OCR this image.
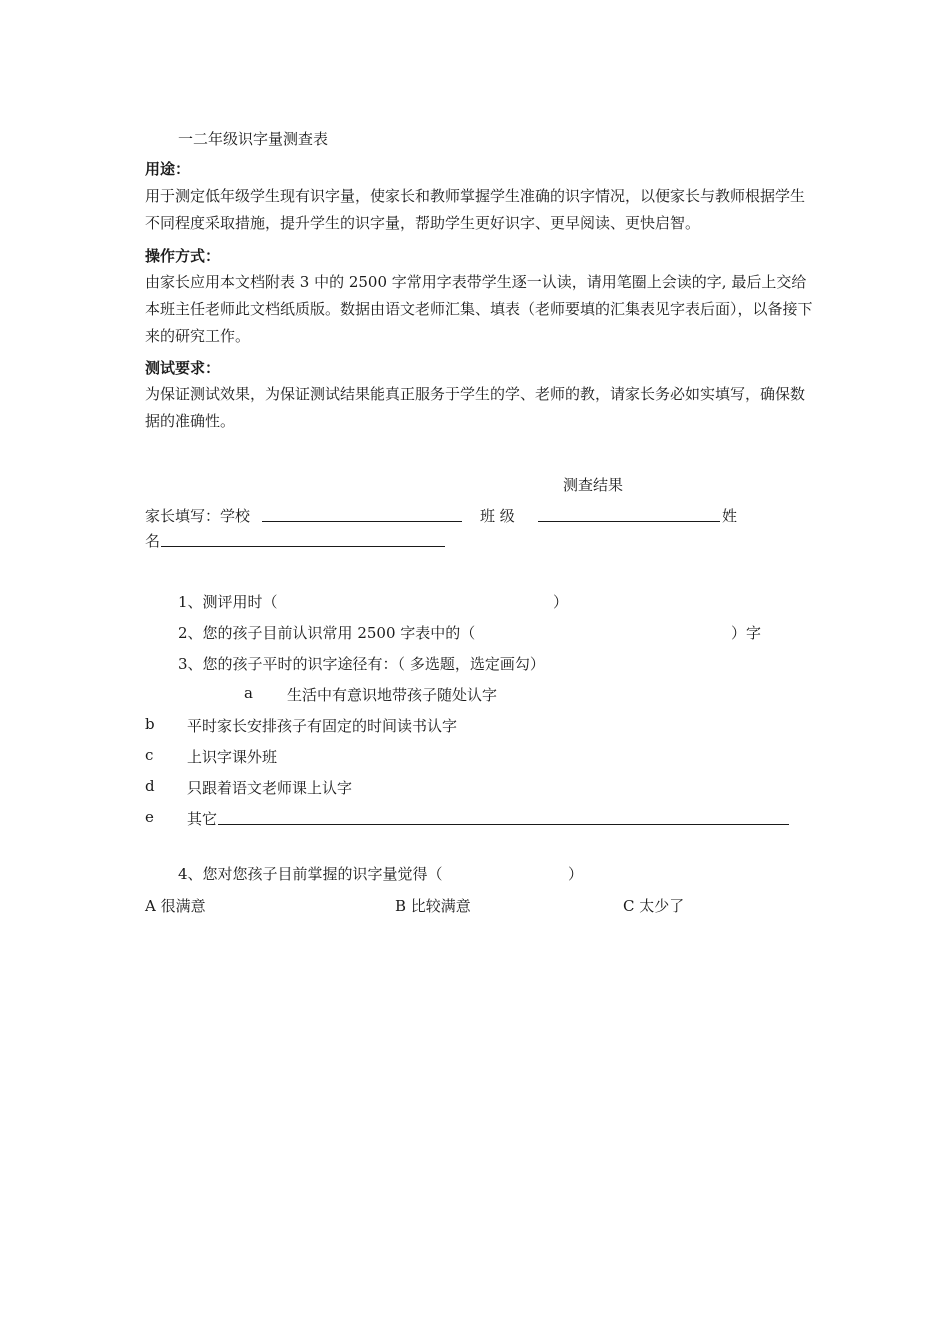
一二年级识字量测查表
用途：
用于测定低年级学生现有识字量，使家长和教师掌握学生准确的识字情况，以便家长与教师根据学生不同程度采取措施，提升学生的识字量，帮助学生更好识字、更早阅读、更快启智。
操作方式：
由家长应用本文档附表 3 中的 2500 字常用字表带学生逐一认读，请用笔圈上会读的字, 最后上交给本班主任老师此文档纸质版。数据由语文老师汇集、填表（老师要填的汇集表见字表后面），以备接下来的研究工作。
测试要求：
为保证测试效果，为保证测试结果能真正服务于学生的学、老师的教，请家长务必如实填写，确保数据的准确性。
测查结果
家长填写：学校	班 级	姓
名
1、测评用时（	）
2、您的孩子目前认识常用 2500 字表中的（	）字
3、您的孩子平时的识字途径有：（ 多选题，选定画勾）
a 生活中有意识地带孩子随处认字
b 平时家长安排孩子有固定的时间读书认字
c 上识字课外班
d 只跟着语文老师课上认字
e 其它
4、您对您孩子目前掌握的识字量觉得（	）
A 很满意	B 比较满意	C 太少了
